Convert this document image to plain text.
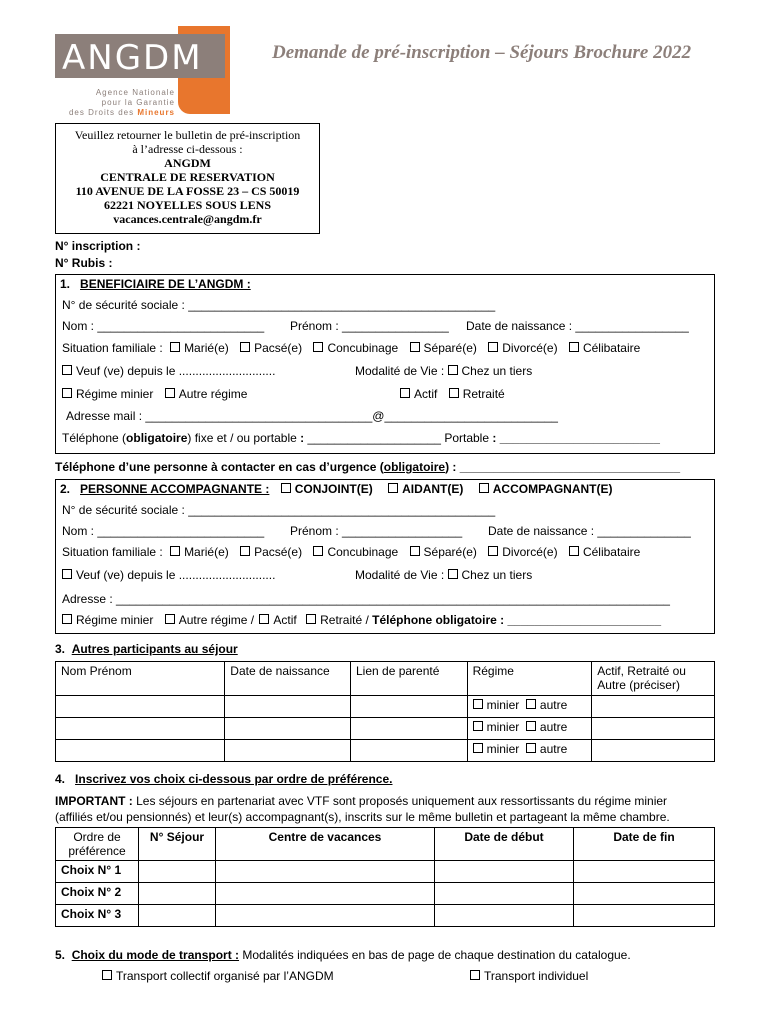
ANGDM
Agence Nationale
pour la Garantie
des Droits des Mineurs
Demande de pré-inscription – Séjours Brochure 2022
Veuillez retourner le bulletin de pré-inscription
à l’adresse ci-dessous :
ANGDM
CENTRALE DE RESERVATION
110 AVENUE DE LA FOSSE 23 – CS 50019
62221 NOYELLES SOUS LENS
vacances.centrale@angdm.fr
N° inscription :
N° Rubis :
1. BENEFICIAIRE DE L’ANGDM :
N° de sécurité sociale : ______________________________________________
Nom : _________________________ Prénom : ________________ Date de naissance : _________________
Situation familiale : Marié(e) Pacsé(e) Concubinage Séparé(e) Divorcé(e) Célibataire
Veuf (ve) depuis le .............................	Modalité de Vie : Chez un tiers
Régime minier Autre régime	Actif Retraité
Adresse mail : __________________________________@__________________________
Téléphone (obligatoire) fixe et / ou portable : ____________________ Portable : ________________________
Téléphone d’une personne à contacter en cas d’urgence (obligatoire) : _________________________________
2. PERSONNE ACCOMPAGNANTE : CONJOINT(E) AIDANT(E) ACCOMPAGNANT(E)
N° de sécurité sociale : ______________________________________________
Nom : _________________________ Prénom : __________________ Date de naissance : ______________
Situation familiale : Marié(e) Pacsé(e) Concubinage Séparé(e) Divorcé(e) Célibataire
Veuf (ve) depuis le .............................	Modalité de Vie : Chez un tiers
Adresse : ___________________________________________________________________________________
Régime minier Autre régime / Actif Retraité / Téléphone obligatoire : _______________________
3. Autres participants au séjour
Nom Prénom	Date de naissance	Lien de parenté	Régime	Actif, Retraité ou Autre (préciser)
			minier autre	
			minier autre	
			minier autre	
4. Inscrivez vos choix ci-dessous par ordre de préférence.
IMPORTANT : Les séjours en partenariat avec VTF sont proposés uniquement aux ressortissants du régime minier
(affiliés et/ou pensionnés) et leur(s) accompagnant(s), inscrits sur le même bulletin et partageant la même chambre.
Ordre de préférence	N° Séjour	Centre de vacances	Date de début	Date de fin
Choix N° 1				
Choix N° 2				
Choix N° 3				
5. Choix du mode de transport : Modalités indiquées en bas de page de chaque destination du catalogue.
Transport collectif organisé par l’ANGDM	Transport individuel
